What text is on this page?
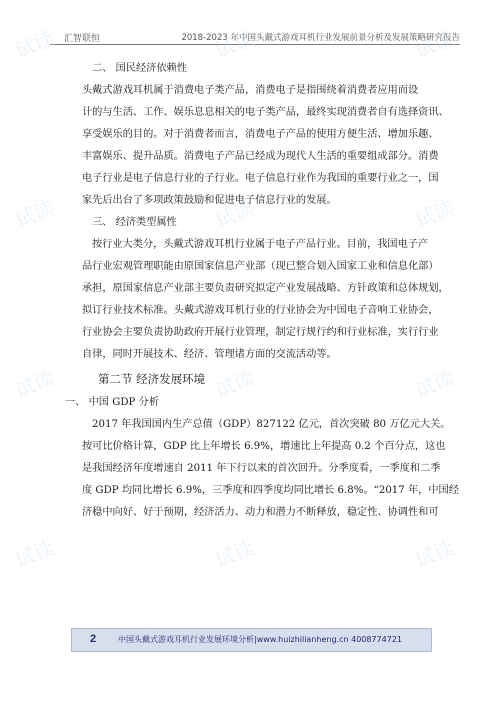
汇智联恒	2018-2023 年中国头戴式游戏耳机行业发展前景分析及发展策略研究报告
试读	试读	试读
试读	试读	试读
试读	试读	试读
试读	试读	试读
二、 国民经济依赖性
头戴式游戏耳机属于消费电子类产品，消费电子是指围绕着消费者应用而设
计的与生活、工作、娱乐息息相关的电子类产品，最终实现消费者自有选择资讯、
享受娱乐的目的。对于消费者而言，消费电子产品的使用方便生活、增加乐趣、
丰富娱乐、提升品质。消费电子产品已经成为现代人生活的重要组成部分。消费
电子行业是电子信息行业的子行业。电子信息行业作为我国的重要行业之一，国
家先后出台了多项政策鼓励和促进电子信息行业的发展。
三、 经济类型属性
按行业大类分，头戴式游戏耳机行业属于电子产品行业。目前，我国电子产
品行业宏观管理职能由原国家信息产业部（现已整合划入国家工业和信息化部）
承担，原国家信息产业部主要负责研究拟定产业发展战略、方针政策和总体规划，
拟订行业技术标准。头戴式游戏耳机行业的行业协会为中国电子音响工业协会，
行业协会主要负责协助政府开展行业管理，制定行规行约和行业标准，实行行业
自律，同时开展技术、经济、管理诸方面的交流活动等。
第二节 经济发展环境
一、 中国 GDP 分析
2017 年我国国内生产总值（GDP）827122 亿元，首次突破 80 万亿元大关。
按可比价格计算，GDP 比上年增长 6.9%，增速比上年提高 0.2 个百分点，这也
是我国经济年度增速自 2011 年下行以来的首次回升。分季度看，一季度和二季
度 GDP 均同比增长 6.9%，三季度和四季度均同比增长 6.8%。“2017 年，中国经
济稳中向好、好于预期，经济活力、动力和潜力不断释放，稳定性、协调性和可
2	中国头戴式游戏耳机行业发展环境分析|www.huizhilianheng.cn 4008774721
